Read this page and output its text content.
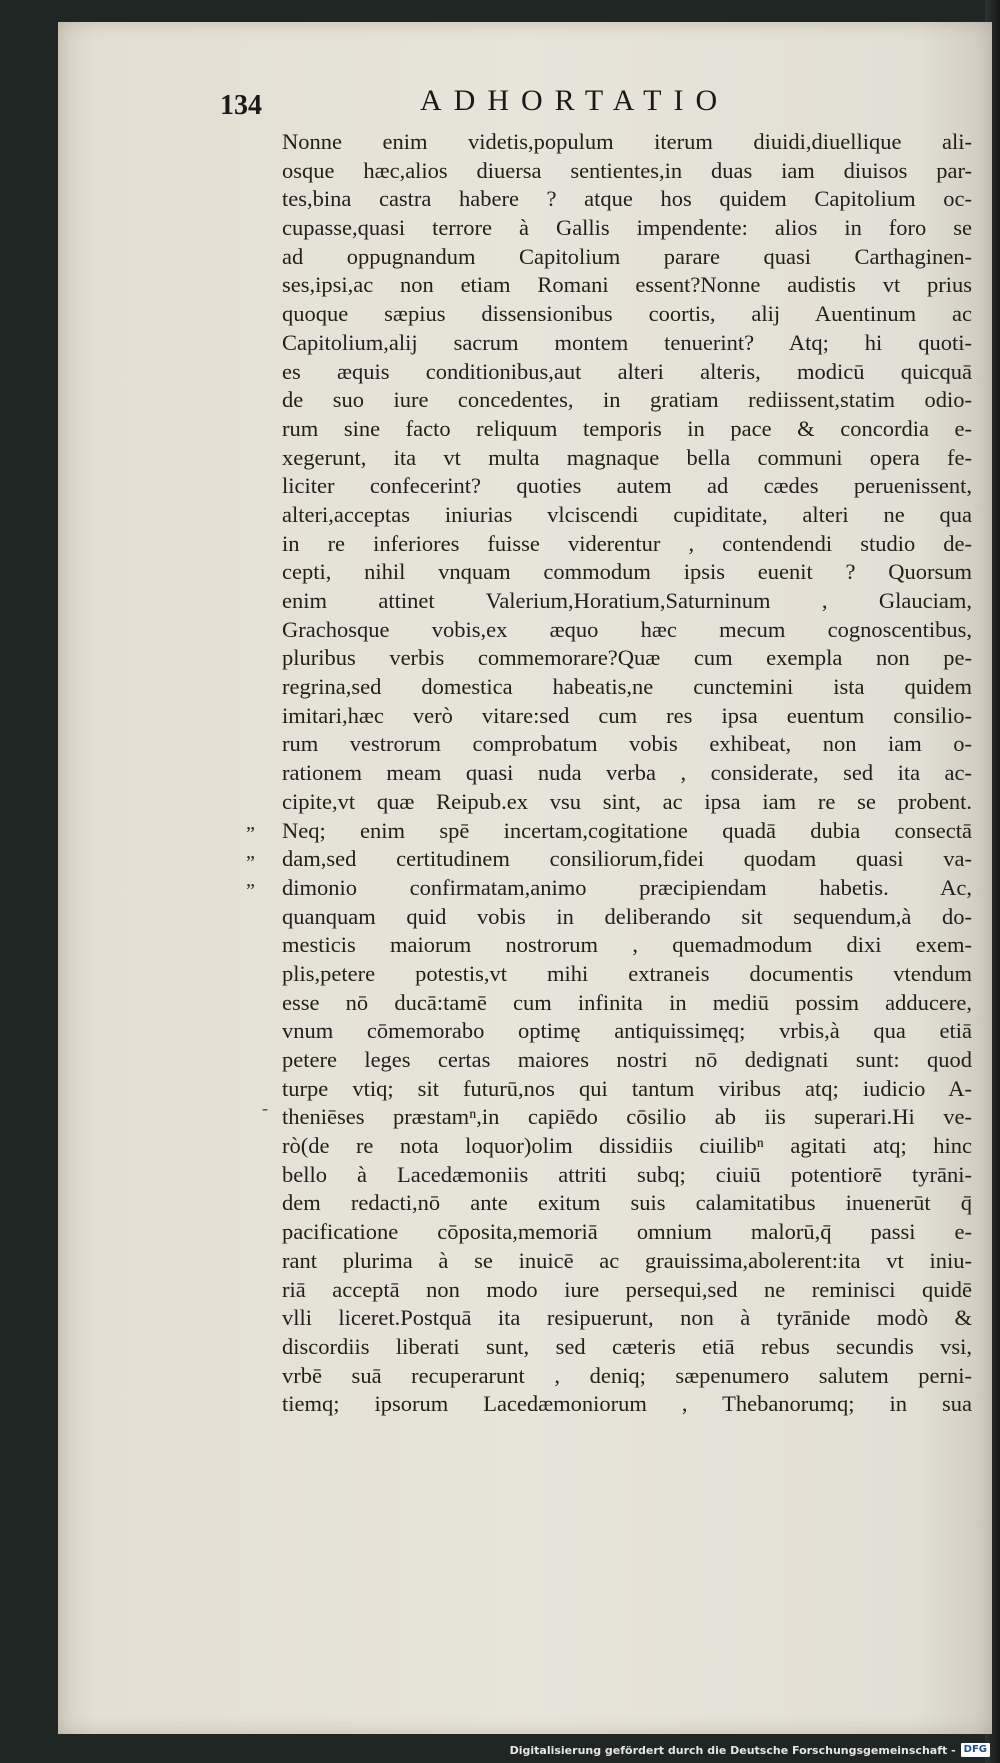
134	ADHORTATIO
”
”
”
-
Nonne enim videtis,populum iterum diuidi,diuellique ali-
osque hæc,alios diuersa sentientes,in duas iam diuisos par-
tes,bina castra habere ? atque hos quidem Capitolium oc-
cupasse,quasi terrore à Gallis impendente: alios in foro se
ad oppugnandum Capitolium parare quasi Carthaginen-
ses,ipsi,ac non etiam Romani essent?Nonne audistis vt prius
quoque sæpius dissensionibus coortis, alij Auentinum ac
Capitolium,alij sacrum montem tenuerint? Atq; hi quoti-
es æquis conditionibus,aut alteri alteris, modicū quicquā
de suo iure concedentes, in gratiam rediissent,statim odio-
rum sine facto reliquum temporis in pace & concordia e-
xegerunt, ita vt multa magnaque bella communi opera fe-
liciter confecerint? quoties autem ad cædes peruenissent,
alteri,acceptas iniurias vlciscendi cupiditate, alteri ne qua
in re inferiores fuisse viderentur , contendendi studio de-
cepti, nihil vnquam commodum ipsis euenit ? Quorsum
enim attinet Valerium,Horatium,Saturninum , Glauciam,
Grachosque vobis,ex æquo hæc mecum cognoscentibus,
pluribus verbis commemorare?Quæ cum exempla non pe-
regrina,sed domestica habeatis,ne cunctemini ista quidem
imitari,hæc verò vitare:sed cum res ipsa euentum consilio-
rum vestrorum comprobatum vobis exhibeat, non iam o-
rationem meam quasi nuda verba , considerate, sed ita ac-
cipite,vt quæ Reipub.ex vsu sint, ac ipsa iam re se probent.
Neq; enim spē incertam,cogitatione quadā dubia consectā
dam,sed certitudinem consiliorum,fidei quodam quasi va-
dimonio confirmatam,animo præcipiendam habetis. Ac,
quanquam quid vobis in deliberando sit sequendum,à do-
mesticis maiorum nostrorum , quemadmodum dixi exem-
plis,petere potestis,vt mihi extraneis documentis vtendum
esse nō ducā:tamē cum infinita in mediū possim adducere,
vnum cōmemorabo optimę antiquissimęq; vrbis,à qua etiā
petere leges certas maiores nostri nō dedignati sunt: quod
turpe vtiq; sit futurū,nos qui tantum viribus atq; iudicio A-
theniēses præstamⁿ,in capiēdo cōsilio ab iis superari.Hi ve-
rò(de re nota loquor)olim dissidiis ciuilibⁿ agitati atq; hinc
bello à Lacedæmoniis attriti subq; ciuiū potentiorē tyrāni-
dem redacti,nō ante exitum suis calamitatibus inuenerūt q̄
pacificatione cōposita,memoriā omnium malorū,q̄ passi e-
rant plurima à se inuicē ac grauissima,abolerent:ita vt iniu-
riā acceptā non modo iure persequi,sed ne reminisci quidē
vlli liceret.Postquā ita resipuerunt, non à tyrānide modò &
discordiis liberati sunt, sed cæteris etiā rebus secundis vsi,
vrbē suā recuperarunt , deniq; sæpenumero salutem perni-
tiemq; ipsorum Lacedæmoniorum , Thebanorumq; in sua
Digitalisierung gefördert durch die Deutsche Forschungsgemeinschaft - DFG
